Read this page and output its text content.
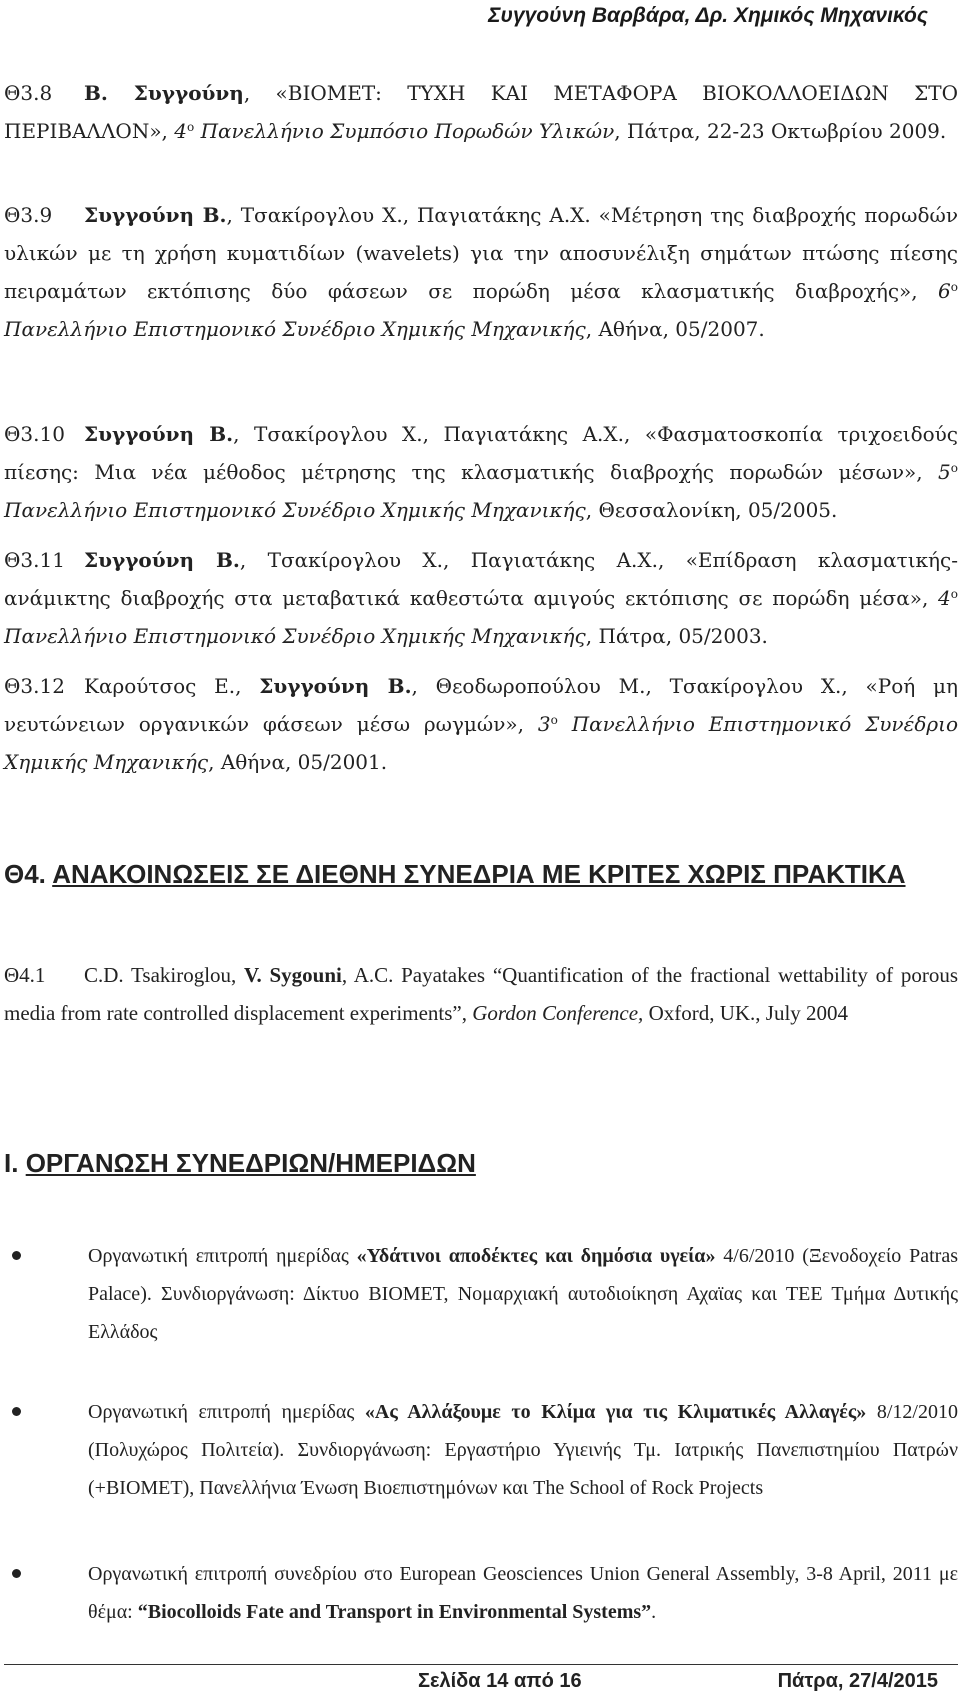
Συγγούνη Βαρβάρα, Δρ. Χημικός Μηχανικός
Θ3.8 Β. Συγγούνη, «ΒΙΟΜΕΤ: ΤΥΧΗ ΚΑΙ ΜΕΤΑΦΟΡΑ ΒΙΟΚΟΛΛΟΕΙΔΩΝ ΣΤΟ ΠΕΡΙΒΑΛΛΟΝ», $4^o$ Πανελλήνιο Συμπόσιο Πορωδών Υλικών, Πάτρα, 22-23 Οκτωβρίου 2009.
Θ3.9 Συγγούνη Β., Τσακίρογλου Χ., Παγιατάκης Α.Χ. «Μέτρηση της διαβροχής πορωδών υλικών με τη χρήση κυματιδίων (wavelets) για την αποσυνέλιξη σημάτων πτώσης πίεσης πειραμάτων εκτόπισης δύο φάσεων σε πορώδη μέσα κλασματικής διαβροχής», $6^o$ Πανελλήνιο Επιστημονικό Συνέδριο Χημικής Μηχανικής, Αθήνα, 05/2007.
Θ3.10 Συγγούνη Β., Τσακίρογλου Χ., Παγιατάκης Α.Χ., «Φασματοσκοπία τριχοειδούς πίεσης: Μια νέα μέθοδος μέτρησης της κλασματικής διαβροχής πορωδών μέσων», $5^o$ Πανελλήνιο Επιστημονικό Συνέδριο Χημικής Μηχανικής, Θεσσαλονίκη, 05/2005.
Θ3.11 Συγγούνη Β., Τσακίρογλου Χ., Παγιατάκης Α.Χ., «Επίδραση κλασματικής-ανάμικτης διαβροχής στα μεταβατικά καθεστώτα αμιγούς εκτόπισης σε πορώδη μέσα», $4^o$ Πανελλήνιο Επιστημονικό Συνέδριο Χημικής Μηχανικής, Πάτρα, 05/2003.
Θ3.12 Καρούτσος Ε., Συγγούνη Β., Θεοδωροπούλου Μ., Τσακίρογλου Χ., «Ροή μη νευτώνειων οργανικών φάσεων μέσω ρωγμών», $3^o$ Πανελλήνιο Επιστημονικό Συνέδριο Χημικής Μηχανικής, Αθήνα, 05/2001.
Θ4. ΑΝΑΚΟΙΝΩΣΕΙΣ ΣΕ ΔΙΕΘΝΗ ΣΥΝΕΔΡΙΑ ΜΕ ΚΡΙΤΕΣ ΧΩΡΙΣ ΠΡΑΚΤΙΚΑ
Θ4.1 C.D. Tsakiroglou, V. Sygouni, A.C. Payatakes “Quantification of the fractional wettability of porous media from rate controlled displacement experiments”, Gordon Conference, Oxford, UK., July 2004
Ι. ΟΡΓΑΝΩΣΗ ΣΥΝΕΔΡΙΩΝ/ΗΜΕΡΙΔΩΝ
Οργανωτική επιτροπή ημερίδας «Υδάτινοι αποδέκτες και δημόσια υγεία» 4/6/2010 (Ξενοδοχείο Patras Palace). Συνδιοργάνωση: Δίκτυο ΒΙΟΜΕΤ, Νομαρχιακή αυτοδιοίκηση Αχαϊας και ΤΕΕ Τμήμα Δυτικής Ελλάδος
Οργανωτική επιτροπή ημερίδας «Ας Αλλάξουμε το Κλίμα για τις Κλιματικές Αλλαγές» 8/12/2010 (Πολυχώρος Πολιτεία). Συνδιοργάνωση: Εργαστήριο Υγιεινής Τμ. Ιατρικής Πανεπιστημίου Πατρών (+ΒΙΟΜΕΤ), Πανελλήνια Ένωση Βιοεπιστημόνων και The School of Rock Projects
Οργανωτική επιτροπή συνεδρίου στο European Geosciences Union General Assembly, 3-8 April, 2011 με θέμα: “Biocolloids Fate and Transport in Environmental Systems”.
Σελίδα 14 από 16	Πάτρα, 27/4/2015
